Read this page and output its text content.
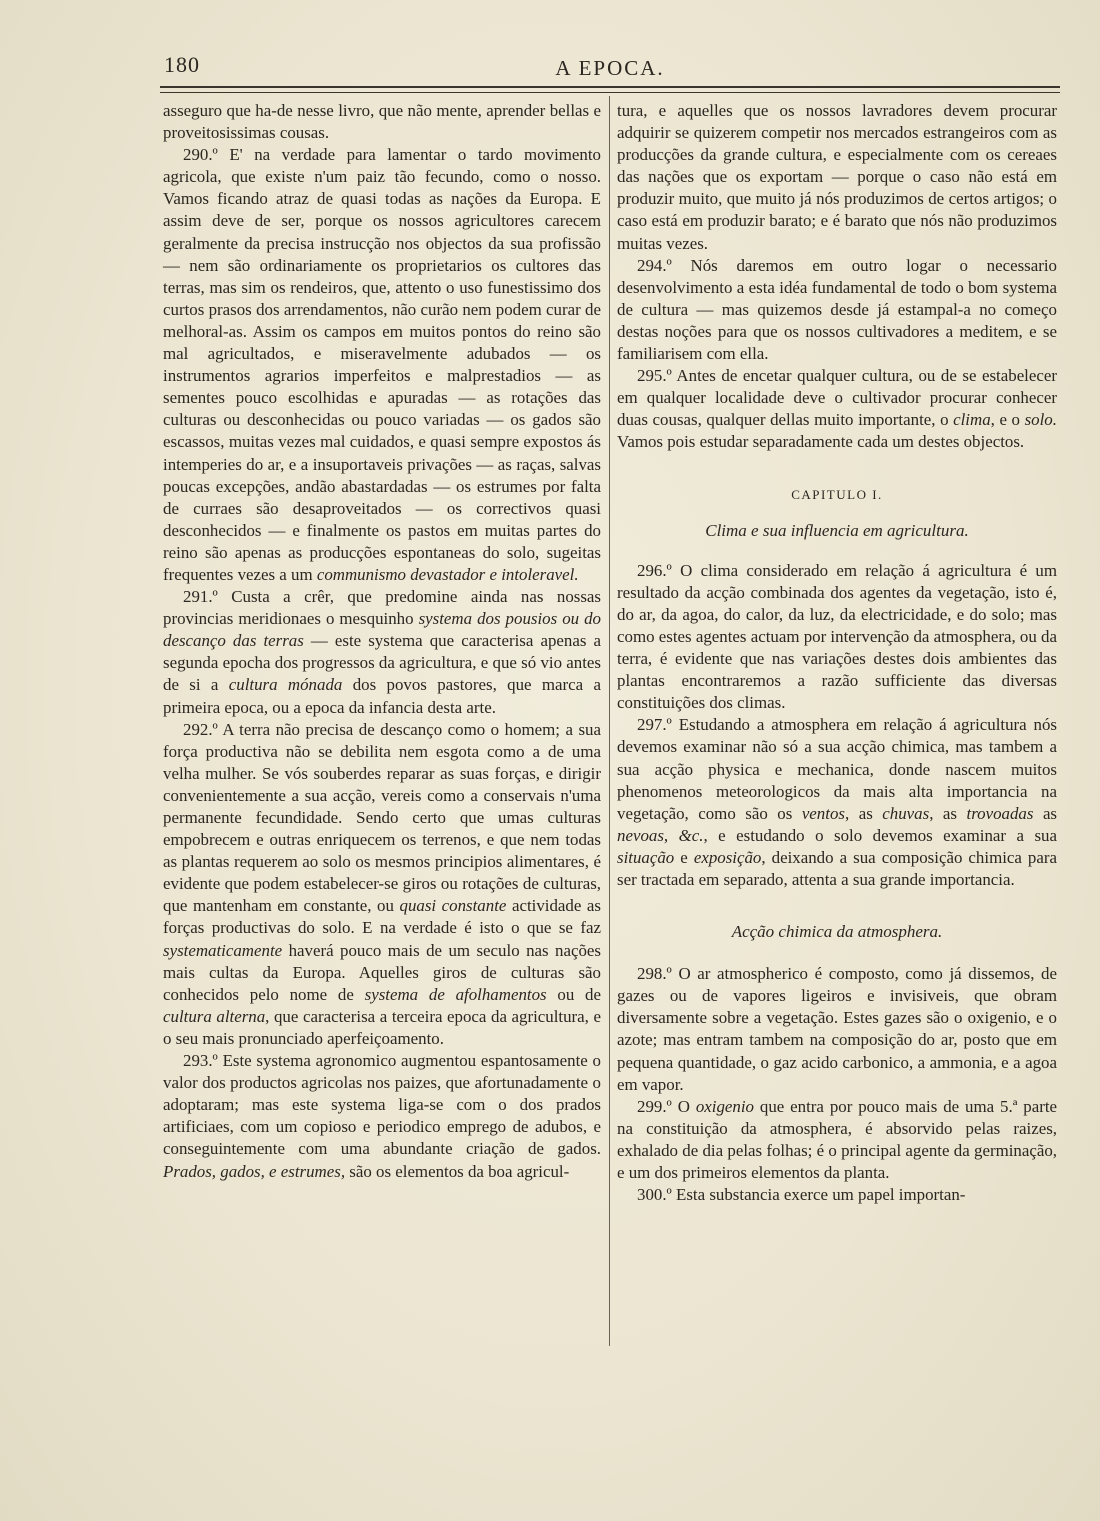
180	A EPOCA.

asseguro que ha-de nesse livro, que não mente, aprender bellas e proveitosissimas cousas.

290.º E' na verdade para lamentar o tardo movimento agricola, que existe n'um paiz tão fecundo, como o nosso. Vamos ficando atraz de quasi todas as nações da Europa. E assim deve de ser, porque os nossos agricultores carecem geralmente da precisa instrucção nos objectos da sua profissão — nem são ordinariamente os proprietarios os cultores das terras, mas sim os rendeiros, que, attento o uso funestissimo dos curtos prasos dos arrendamentos, não curão nem podem curar de melhoral-as. Assim os campos em muitos pontos do reino são mal agricultados, e miseravelmente adubados — os instrumentos agrarios imperfeitos e malprestadios — as sementes pouco escolhidas e apuradas — as rotações das culturas ou desconhecidas ou pouco variadas — os gados são escassos, muitas vezes mal cuidados, e quasi sempre expostos ás intemperies do ar, e a insuportaveis privações — as raças, salvas poucas excepções, andão abastardadas — os estrumes por falta de curraes são desaproveitados — os correctivos quasi desconhecidos — e finalmente os pastos em muitas partes do reino são apenas as producções espontaneas do solo, sugeitas frequentes vezes a um communismo devastador e intoleravel.

291.º Custa a crêr, que predomine ainda nas nossas provincias meridionaes o mesquinho systema dos pousios ou do descanço das terras — este systema que caracterisa apenas a segunda epocha dos progressos da agricultura, e que só vio antes de si a cultura mónada dos povos pastores, que marca a primeira epoca, ou a epoca da infancia desta arte.

292.º A terra não precisa de descanço como o homem; a sua força productiva não se debilita nem esgota como a de uma velha mulher. Se vós souberdes reparar as suas forças, e dirigir convenientemente a sua acção, vereis como a conservais n'uma permanente fecundidade. Sendo certo que umas culturas empobrecem e outras enriquecem os terrenos, e que nem todas as plantas requerem ao solo os mesmos principios alimentares, é evidente que podem estabelecer-se giros ou rotações de culturas, que mantenham em constante, ou quasi constante actividade as forças productivas do solo. E na verdade é isto o que se faz systematicamente haverá pouco mais de um seculo nas nações mais cultas da Europa. Aquelles giros de culturas são conhecidos pelo nome de systema de afolhamentos ou de cultura alterna, que caracterisa a terceira epoca da agricultura, e o seu mais pronunciado aperfeiçoamento.

293.º Este systema agronomico augmentou espantosamente o valor dos productos agricolas nos paizes, que afortunadamente o adoptaram; mas este systema liga-se com o dos prados artificiaes, com um copioso e periodico emprego de adubos, e conseguintemente com uma abundante criação de gados. Prados, gados, e estrumes, são os elementos da boa agricul-

tura, e aquelles que os nossos lavradores devem procurar adquirir se quizerem competir nos mercados estrangeiros com as producções da grande cultura, e especialmente com os cereaes das nações que os exportam — porque o caso não está em produzir muito, que muito já nós produzimos de certos artigos; o caso está em produzir barato; e é barato que nós não produzimos muitas vezes.

294.º Nós daremos em outro logar o necessario desenvolvimento a esta idéa fundamental de todo o bom systema de cultura — mas quizemos desde já estampal-a no começo destas noções para que os nossos cultivadores a meditem, e se familiarisem com ella.

295.º Antes de encetar qualquer cultura, ou de se estabelecer em qualquer localidade deve o cultivador procurar conhecer duas cousas, qualquer dellas muito importante, o clima, e o solo. Vamos pois estudar separadamente cada um destes objectos.

CAPITULO I.
Clima e sua influencia em agricultura.

296.º O clima considerado em relação á agricultura é um resultado da acção combinada dos agentes da vegetação, isto é, do ar, da agoa, do calor, da luz, da electricidade, e do solo; mas como estes agentes actuam por intervenção da atmosphera, ou da terra, é evidente que nas variações destes dois ambientes das plantas encontraremos a razão sufficiente das diversas constituições dos climas.

297.º Estudando a atmosphera em relação á agricultura nós devemos examinar não só a sua acção chimica, mas tambem a sua acção physica e mechanica, donde nascem muitos phenomenos meteorologicos da mais alta importancia na vegetação, como são os ventos, as chuvas, as trovoadas as nevoas, &c., e estudando o solo devemos examinar a sua situação e exposição, deixando a sua composição chimica para ser tractada em separado, attenta a sua grande importancia.

Acção chimica da atmosphera.

298.º O ar atmospherico é composto, como já dissemos, de gazes ou de vapores ligeiros e invisiveis, que obram diversamente sobre a vegetação. Estes gazes são o oxigenio, e o azote; mas entram tambem na composição do ar, posto que em pequena quantidade, o gaz acido carbonico, a ammonia, e a agoa em vapor.

299.º O oxigenio que entra por pouco mais de uma 5.ª parte na constituição da atmosphera, é absorvido pelas raizes, exhalado de dia pelas folhas; é o principal agente da germinação, e um dos primeiros elementos da planta.

300.º Esta substancia exerce um papel importan-
